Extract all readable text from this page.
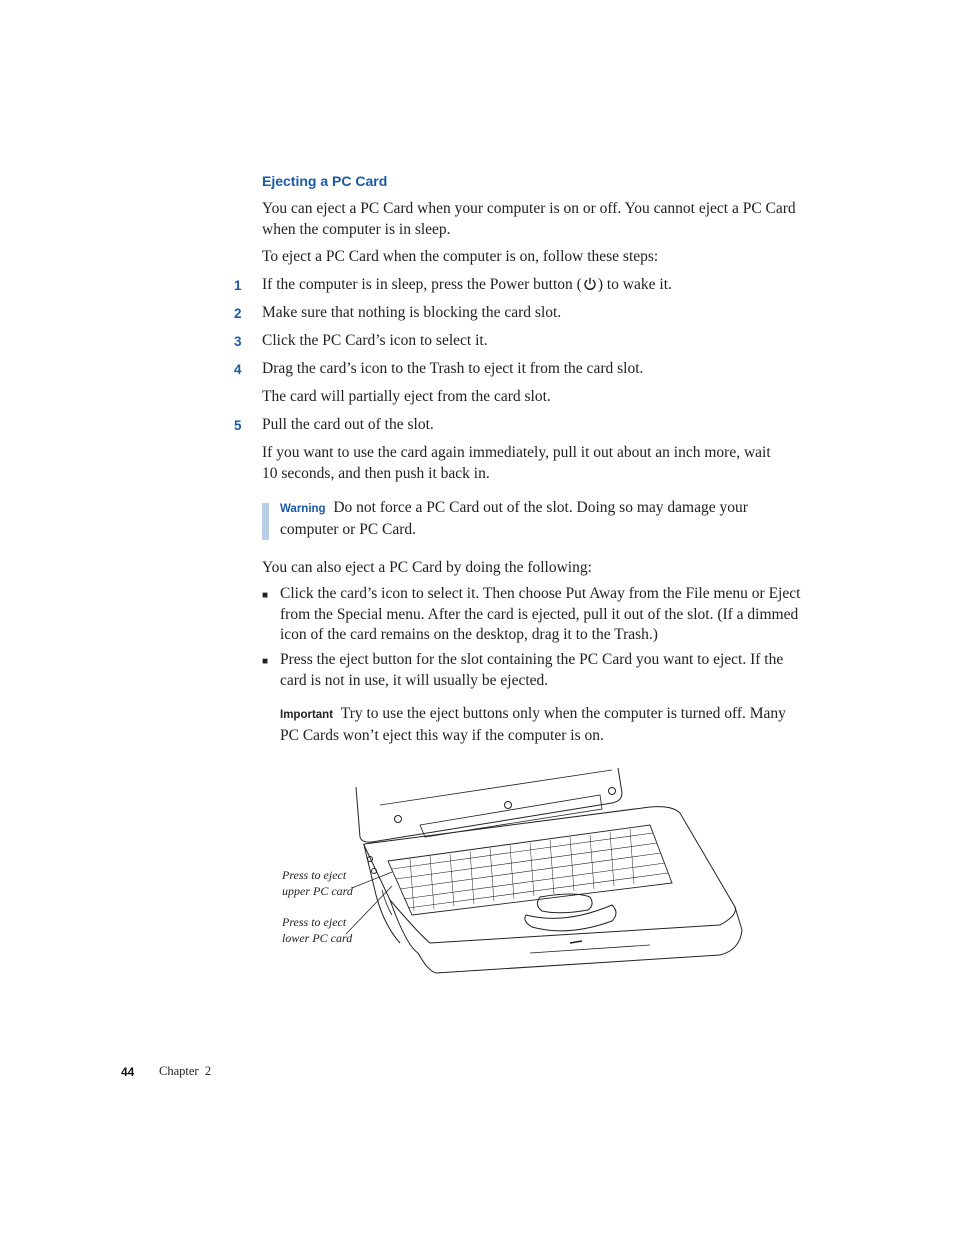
Ejecting a PC Card
You can eject a PC Card when your computer is on or off. You cannot eject a PC Card when the computer is in sleep.
To eject a PC Card when the computer is on, follow these steps:
1 If the computer is in sleep, press the Power button ( ) to wake it.
2 Make sure that nothing is blocking the card slot.
3 Click the PC Card’s icon to select it.
4 Drag the card’s icon to the Trash to eject it from the card slot.
The card will partially eject from the card slot.
5 Pull the card out of the slot.
If you want to use the card again immediately, pull it out about an inch more, wait 10 seconds, and then push it back in.
Warning Do not force a PC Card out of the slot. Doing so may damage your computer or PC Card.
You can also eject a PC Card by doing the following:
■ Click the card’s icon to select it. Then choose Put Away from the File menu or Eject from the Special menu. After the card is ejected, pull it out of the slot. (If a dimmed icon of the card remains on the desktop, drag it to the Trash.)
■ Press the eject button for the slot containing the PC Card you want to eject. If the card is not in use, it will usually be ejected.
Important Try to use the eject buttons only when the computer is turned off. Many PC Cards won’t eject this way if the computer is on.
Press to eject
upper PC card
Press to eject
lower PC card
44 Chapter  2
